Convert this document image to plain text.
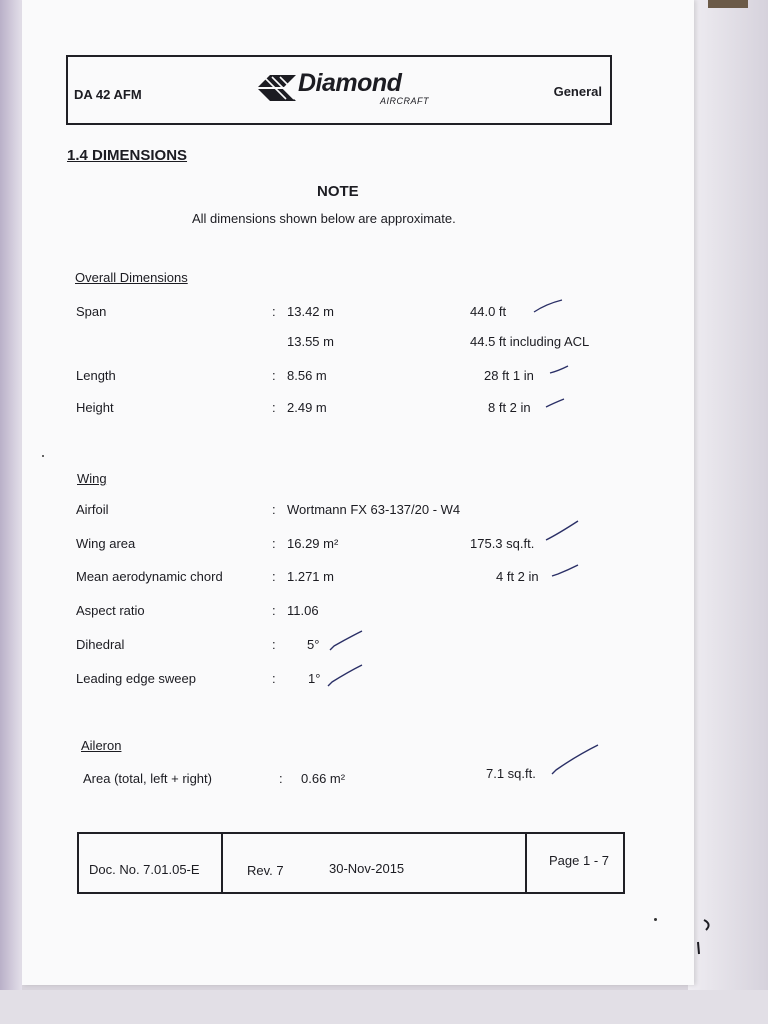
DA 42 AFM	Diamond
AIRCRAFT
General
1.4 DIMENSIONS
NOTE
All dimensions shown below are approximate.
Overall Dimensions
Span	: 13.42 m	44.0 ft
13.55 m	44.5 ft including ACL
Length	: 8.56 m	28 ft 1 in
Height	: 2.49 m	8 ft 2 in
Wing
Airfoil	: Wortmann FX 63-137/20 - W4
Wing area	: 16.29 m²	175.3 sq.ft.
Mean aerodynamic chord	: 1.271 m	4 ft 2 in
Aspect ratio	: 11.06
Dihedral	: 5°
Leading edge sweep	: 1°
Aileron
Area (total, left + right)	: 0.66 m²	7.1 sq.ft.
Doc. No. 7.01.05-E	Rev. 7	30-Nov-2015
Page 1 - 7
